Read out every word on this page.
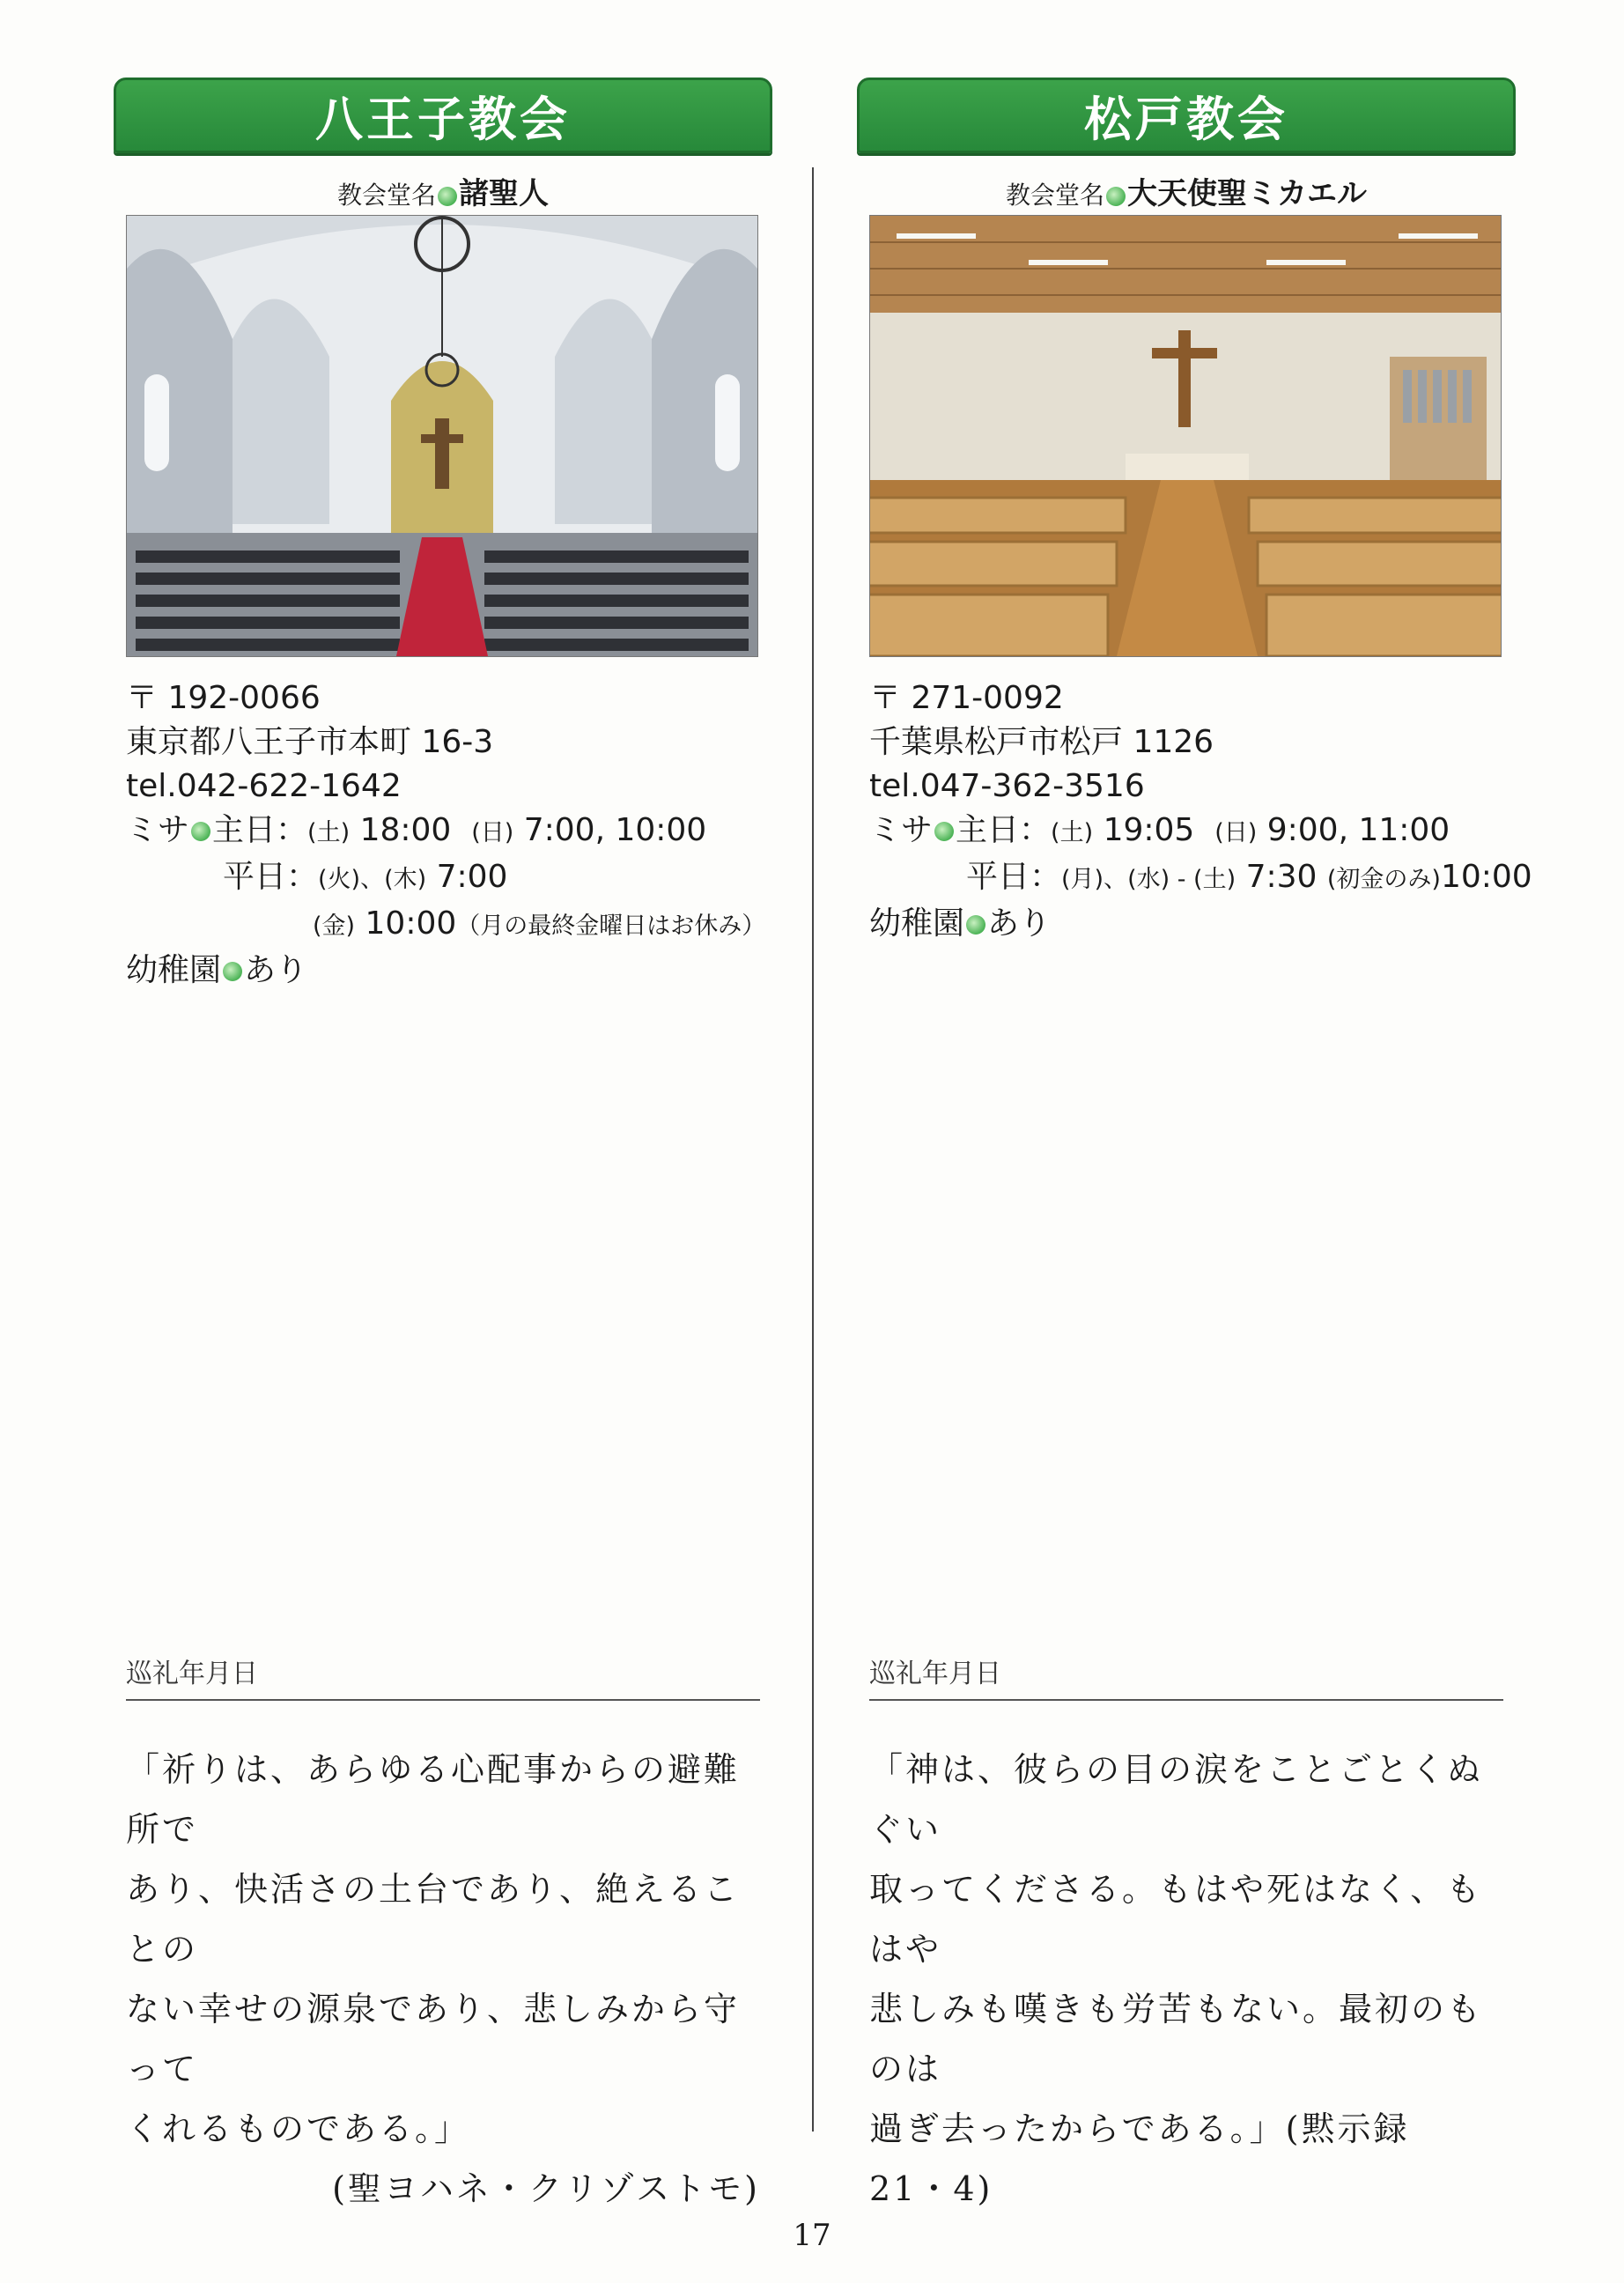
八王子教会
教会堂名 諸聖人
〒 192-0066
東京都八王子市本町 16-3
tel.042-622-1642
ミサ 主日：(土) 18:00 (日) 7:00, 10:00
平日：(火)、(木) 7:00
(金) 10:00（月の最終金曜日はお休み）
幼稚園 あり
巡礼年月日
「祈りは、あらゆる心配事からの避難所で
あり、快活さの土台であり、絶えることの
ない幸せの源泉であり、悲しみから守って
くれるものである。」
(聖ヨハネ・クリゾストモ)
松戸教会
教会堂名 大天使聖ミカエル
〒 271-0092
千葉県松戸市松戸 1126
tel.047-362-3516
ミサ 主日：(土) 19:05 (日) 9:00, 11:00
平日：(月)、(水) - (土) 7:30 (初金のみ)10:00
幼稚園 あり
巡礼年月日
「神は、彼らの目の涙をことごとくぬぐい
取ってくださる。もはや死はなく、もはや
悲しみも嘆きも労苦もない。最初のものは
過ぎ去ったからである。」(黙示録 21・4)
17
